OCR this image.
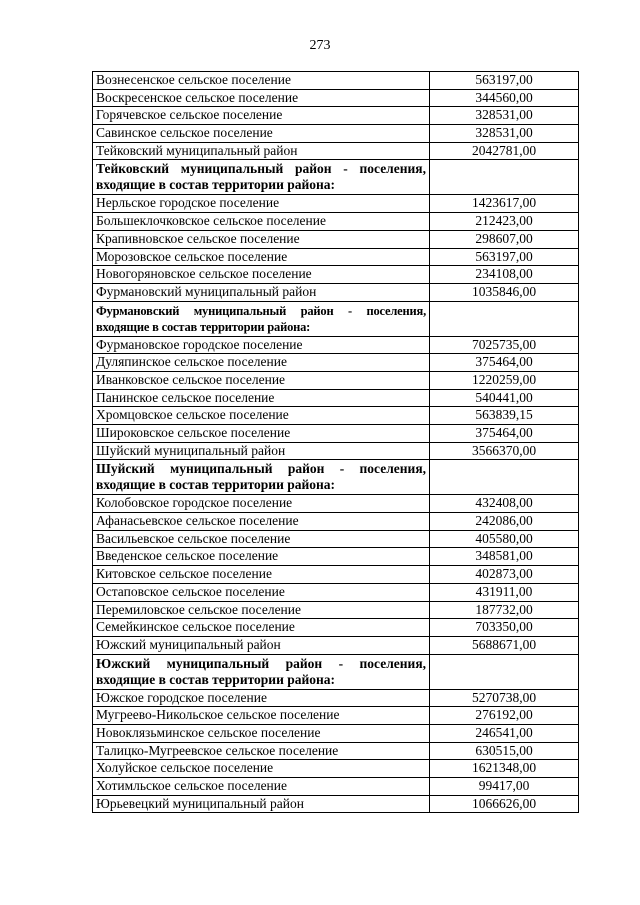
273
Вознесенское сельское поселение	563197,00
Воскресенское сельское поселение	344560,00
Горячевское сельское поселение	328531,00
Савинское сельское поселение	328531,00
Тейковский муниципальный район	2042781,00
Тейковский муниципальный район - поселения, входящие в состав территории района:	
Нерльское городское поселение	1423617,00
Большеклочковское сельское поселение	212423,00
Крапивновское сельское поселение	298607,00
Морозовское сельское поселение	563197,00
Новогоряновское сельское поселение	234108,00
Фурмановский муниципальный район	1035846,00
Фурмановский муниципальный район - поселения, входящие в состав территории района:	
Фурмановское городское поселение	7025735,00
Дуляпинское сельское поселение	375464,00
Иванковское сельское поселение	1220259,00
Панинское сельское поселение	540441,00
Хромцовское сельское поселение	563839,15
Широковское сельское поселение	375464,00
Шуйский муниципальный район	3566370,00
Шуйский муниципальный район - поселения, входящие в состав территории района:	
Колобовское городское поселение	432408,00
Афанасьевское сельское поселение	242086,00
Васильевское сельское поселение	405580,00
Введенское сельское поселение	348581,00
Китовское сельское поселение	402873,00
Остаповское сельское поселение	431911,00
Перемиловское сельское поселение	187732,00
Семейкинское сельское поселение	703350,00
Южский муниципальный район	5688671,00
Южский муниципальный район - поселения, входящие в состав территории района:	
Южское городское поселение	5270738,00
Мугреево-Никольское сельское поселение	276192,00
Новоклязьминское сельское поселение	246541,00
Талицко-Мугреевское сельское поселение	630515,00
Холуйское сельское поселение	1621348,00
Хотимльское сельское поселение	99417,00
Юрьевецкий муниципальный район	1066626,00
